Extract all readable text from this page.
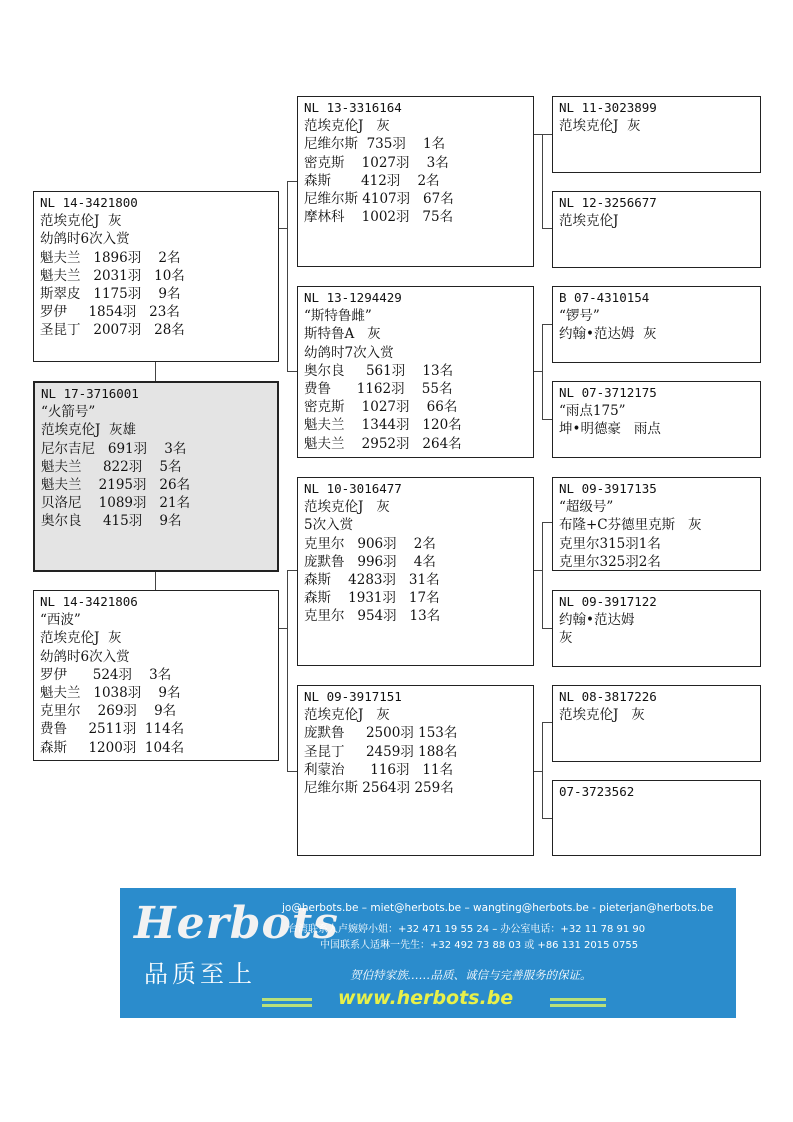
NL 14-3421800
范埃克伦J  灰
幼鸽时6次入赏
魁夫兰   1896羽    2名
魁夫兰   2031羽   10名
斯翠皮   1175羽    9名
罗伊     1854羽   23名
圣昆丁   2007羽   28名
NL 17-3716001
“火箭号”
范埃克伦J  灰雄
尼尔吉尼   691羽    3名
魁夫兰     822羽    5名
魁夫兰    2195羽   26名
贝洛尼    1089羽   21名
奥尔良     415羽    9名
NL 14-3421806
“西波”
范埃克伦J  灰
幼鸽时6次入赏
罗伊      524羽    3名
魁夫兰   1038羽    9名
克里尔    269羽    9名
费鲁     2511羽  114名
森斯     1200羽  104名
NL 13-3316164
范埃克伦J   灰
尼维尔斯  735羽    1名
密克斯    1027羽    3名
森斯       412羽    2名
尼维尔斯 4107羽   67名
摩林科    1002羽   75名
NL 13-1294429
“斯特鲁雌”
斯特鲁A   灰
幼鸽时7次入赏
奥尔良     561羽    13名
费鲁      1162羽    55名
密克斯    1027羽    66名
魁夫兰    1344羽   120名
魁夫兰    2952羽   264名
NL 10-3016477
范埃克伦J   灰
5次入赏
克里尔   906羽    2名
庞默鲁   996羽    4名
森斯    4283羽   31名
森斯    1931羽   17名
克里尔   954羽   13名
NL 09-3917151
范埃克伦J   灰
庞默鲁     2500羽 153名
圣昆丁     2459羽 188名
利蒙治      116羽   11名
尼维尔斯 2564羽 259名
NL 11-3023899
范埃克伦J  灰
NL 12-3256677
范埃克伦J
B 07-4310154
“锣号”
约翰•范达姆  灰
NL 07-3712175
“雨点175”
坤•明德豪   雨点
NL 09-3917135
“超级号”
布隆+C芬德里克斯   灰
克里尔315羽1名
克里尔325羽2名
NL 09-3917122
约翰•范达姆
灰
NL 08-3817226
范埃克伦J   灰
07-3723562
Herbots
品质至上
jo@herbots.be – miet@herbots.be – wangting@herbots.be - pieterjan@herbots.be
台湾联系人卢婉婷小姐：+32 471 19 55 24 – 办公室电话：+32 11 78 91 90
中国联系人适琳一先生：+32 492 73 88 03 或 +86 131 2015 0755
贺伯特家族……品质、诚信与完善服务的保证。
www.herbots.be
